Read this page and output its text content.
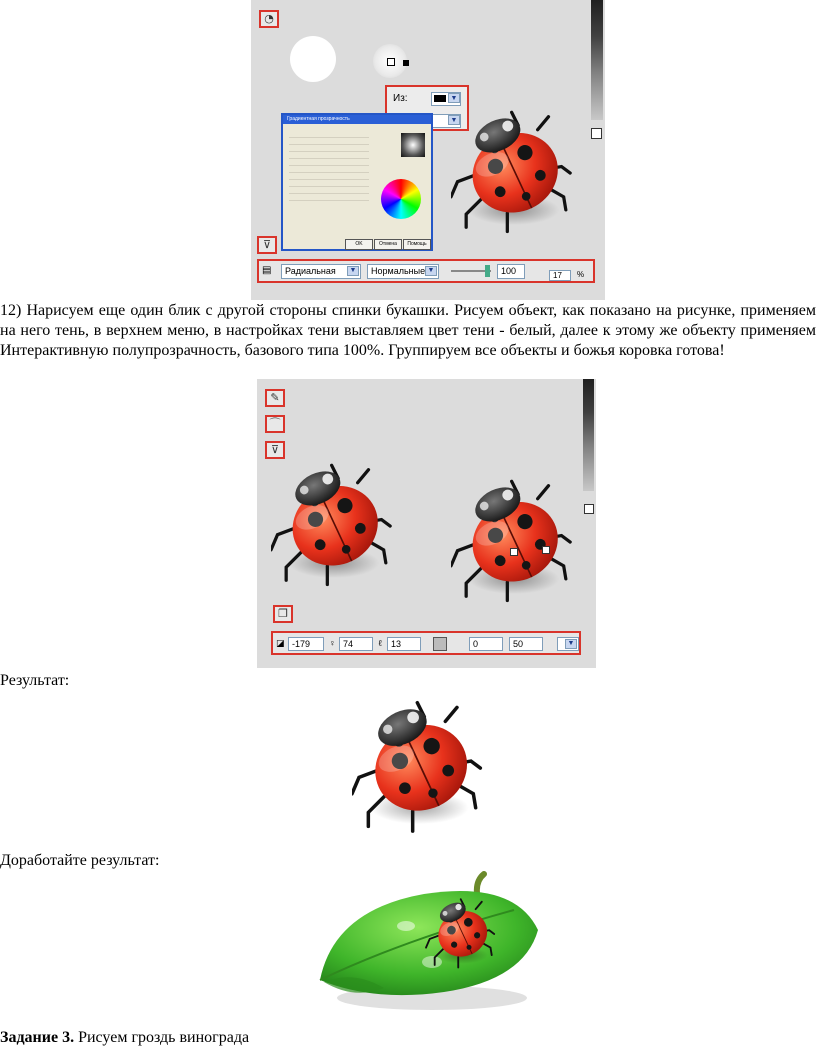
◔
Из:	▼
▼
Градиентная прозрачность
OK	Отмена	Помощь
⊽
▤	Радиальная	▼	Нормальные ▼	100	17	%

12) Нарисуем еще один блик с другой стороны спинки букашки. Рисуем объект, как показано на рисунке, применяем на него тень, в верхнем меню, в настройках тени выставляем цвет тени - белый, далее к этому же объекту применяем Интерактивную полупрозрачность, базового типа 100%. Группируем все объекты и божья коровка готова!

✎
⌒
⊽
❐
◪ -179	♀ 74	ℓ 13	0	50	▼
Результат:
Доработайте результат:
Задание 3. Рисуем гроздь винограда
